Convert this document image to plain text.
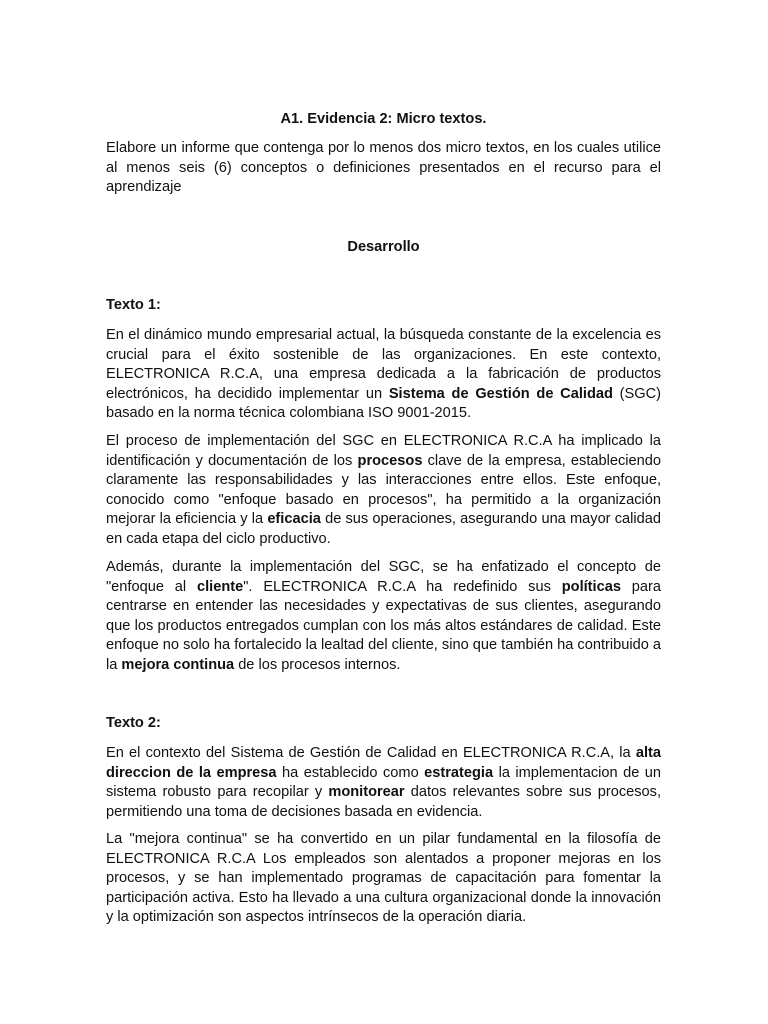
A1. Evidencia 2: Micro textos.
Elabore un informe que contenga por lo menos dos micro textos, en los cuales utilice al menos seis (6) conceptos o definiciones presentados en el recurso para el aprendizaje
Desarrollo
Texto 1:
En el dinámico mundo empresarial actual, la búsqueda constante de la excelencia es crucial para el éxito sostenible de las organizaciones. En este contexto, ELECTRONICA R.C.A, una empresa dedicada a la fabricación de productos electrónicos, ha decidido implementar un Sistema de Gestión de Calidad (SGC) basado en la norma técnica colombiana ISO 9001-2015.
El proceso de implementación del SGC en ELECTRONICA R.C.A ha implicado la identificación y documentación de los procesos clave de la empresa, estableciendo claramente las responsabilidades y las interacciones entre ellos. Este enfoque, conocido como "enfoque basado en procesos", ha permitido a la organización mejorar la eficiencia y la eficacia de sus operaciones, asegurando una mayor calidad en cada etapa del ciclo productivo.
Además, durante la implementación del SGC, se ha enfatizado el concepto de "enfoque al cliente". ELECTRONICA R.C.A ha redefinido sus políticas para centrarse en entender las necesidades y expectativas de sus clientes, asegurando que los productos entregados cumplan con los más altos estándares de calidad. Este enfoque no solo ha fortalecido la lealtad del cliente, sino que también ha contribuido a la mejora continua de los procesos internos.
Texto 2:
En el contexto del Sistema de Gestión de Calidad en ELECTRONICA R.C.A, la alta direccion de la empresa ha establecido como estrategia la implementacion de un sistema robusto para recopilar y monitorear datos relevantes sobre sus procesos, permitiendo una toma de decisiones basada en evidencia.
La "mejora continua" se ha convertido en un pilar fundamental en la filosofía de ELECTRONICA R.C.A Los empleados son alentados a proponer mejoras en los procesos, y se han implementado programas de capacitación para fomentar la participación activa. Esto ha llevado a una cultura organizacional donde la innovación y la optimización son aspectos intrínsecos de la operación diaria.
